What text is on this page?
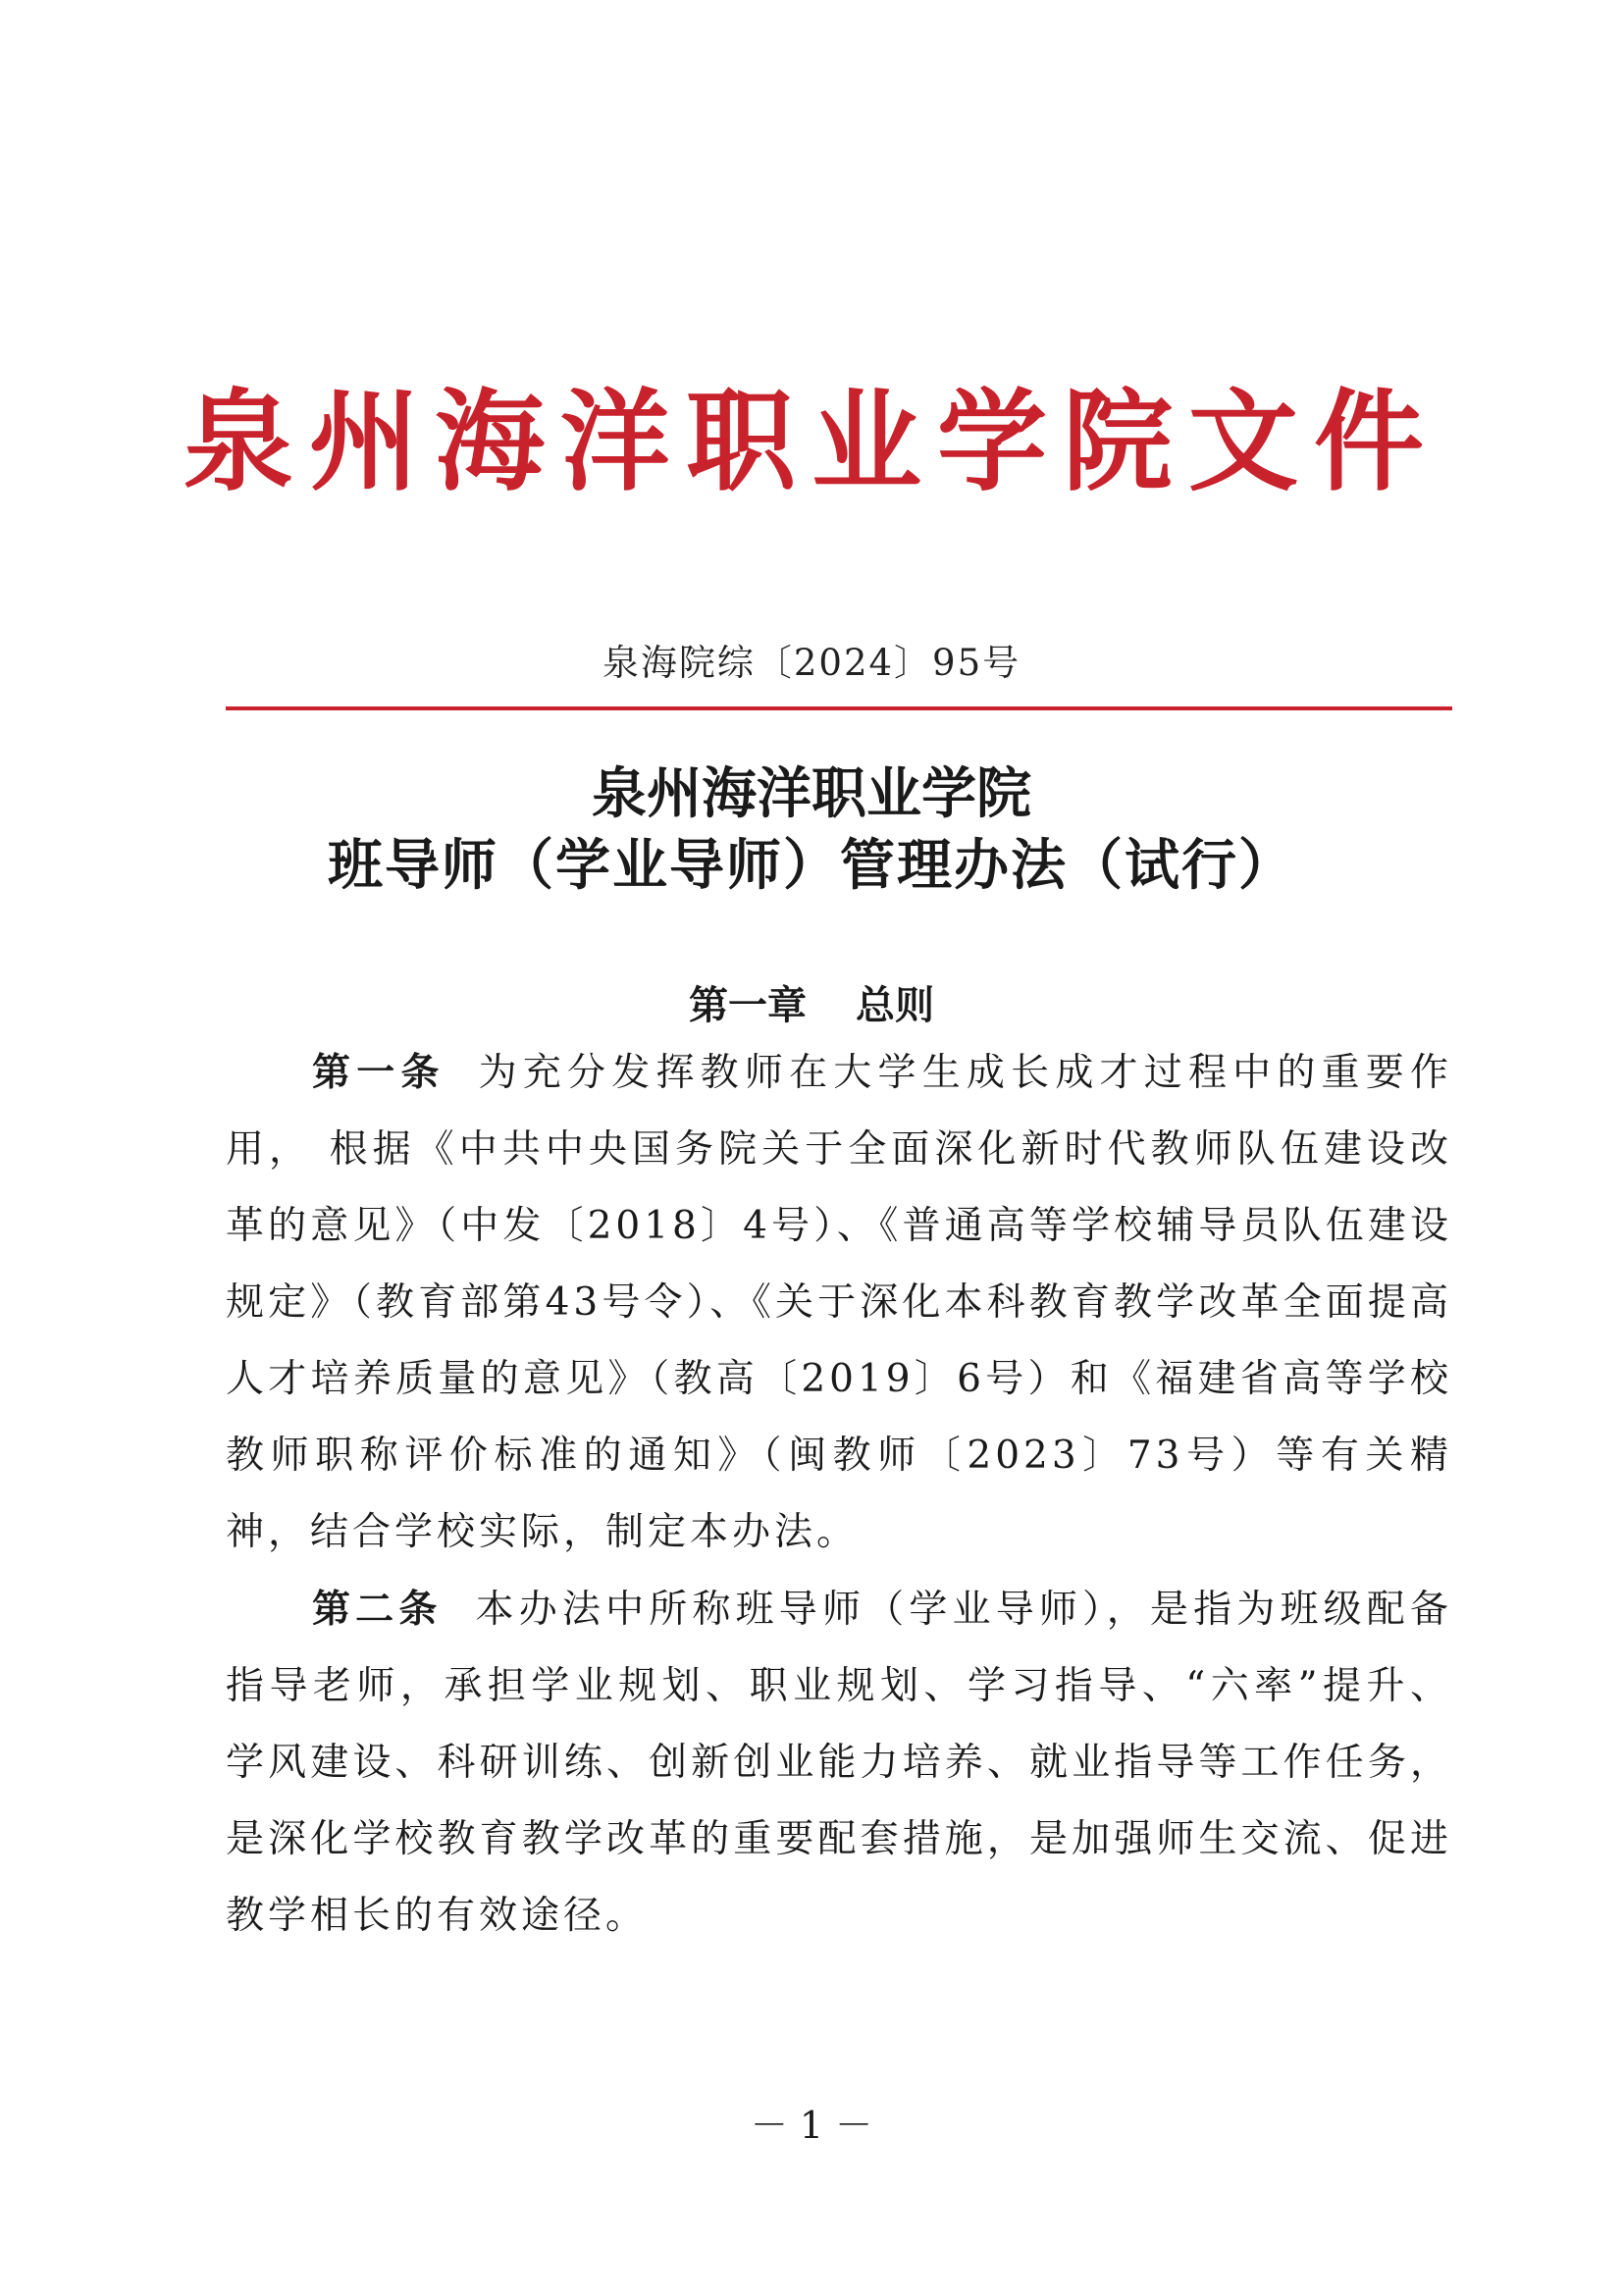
泉州海洋职业学院文件
泉海院综〔2024〕95号
泉州海洋职业学院
班导师（学业导师）管理办法（试行）
第一章 总则
第一条 为充分发挥教师在大学生成长成才过程中的重要作用， 根据《中共中央国务院关于全面深化新时代教师队伍建设改革的意见》（中发〔2018〕4号）、《普通高等学校辅导员队伍建设规定》（教育部第43号令）、《关于深化本科教育教学改革全面提高人才培养质量的意见》（教高〔2019〕6号）和《福建省高等学校教师职称评价标准的通知》（闽教师〔2023〕73号）等有关精神，结合学校实际，制定本办法。
第二条 本办法中所称班导师（学业导师），是指为班级配备指导老师，承担学业规划、职业规划、学习指导、“六率”提升、学风建设、科研训练、创新创业能力培养、就业指导等工作任务，是深化学校教育教学改革的重要配套措施，是加强师生交流、促进教学相长的有效途径。
－ 1 －
